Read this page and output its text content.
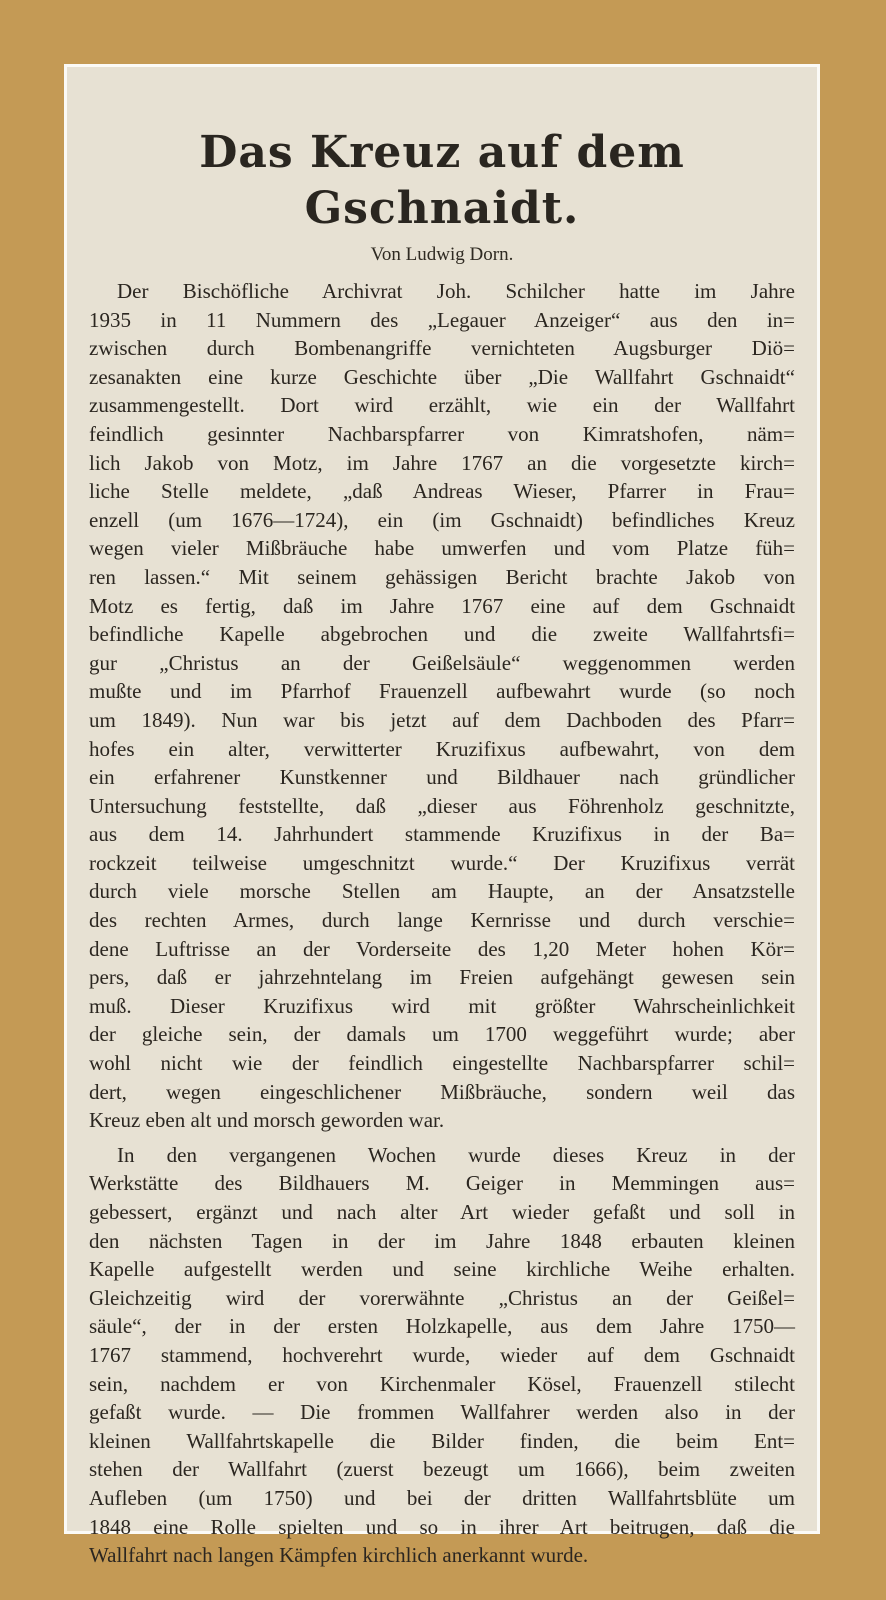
Das Kreuz auf dem Gschnaidt.
Von Ludwig Dorn.

Der Bischöfliche Archivrat Joh. Schilcher hatte im Jahre
1935 in 11 Nummern des „Legauer Anzeiger“ aus den in=
zwischen durch Bombenangriffe vernichteten Augsburger Diö=
zesanakten eine kurze Geschichte über „Die Wallfahrt Gschnaidt“
zusammengestellt. Dort wird erzählt, wie ein der Wallfahrt
feindlich gesinnter Nachbarspfarrer von Kimratshofen, näm=
lich Jakob von Motz, im Jahre 1767 an die vorgesetzte kirch=
liche Stelle meldete, „daß Andreas Wieser, Pfarrer in Frau=
enzell (um 1676—1724), ein (im Gschnaidt) befindliches Kreuz
wegen vieler Mißbräuche habe umwerfen und vom Platze füh=
ren lassen.“ Mit seinem gehässigen Bericht brachte Jakob von
Motz es fertig, daß im Jahre 1767 eine auf dem Gschnaidt
befindliche Kapelle abgebrochen und die zweite Wallfahrtsfi=
gur „Christus an der Geißelsäule“ weggenommen werden
mußte und im Pfarrhof Frauenzell aufbewahrt wurde (so noch
um 1849). Nun war bis jetzt auf dem Dachboden des Pfarr=
hofes ein alter, verwitterter Kruzifixus aufbewahrt, von dem
ein erfahrener Kunstkenner und Bildhauer nach gründlicher
Untersuchung feststellte, daß „dieser aus Föhrenholz geschnitzte,
aus dem 14. Jahrhundert stammende Kruzifixus in der Ba=
rockzeit teilweise umgeschnitzt wurde.“ Der Kruzifixus verrät
durch viele morsche Stellen am Haupte, an der Ansatzstelle
des rechten Armes, durch lange Kernrisse und durch verschie=
dene Luftrisse an der Vorderseite des 1,20 Meter hohen Kör=
pers, daß er jahrzehntelang im Freien aufgehängt gewesen sein
muß. Dieser Kruzifixus wird mit größter Wahrscheinlichkeit
der gleiche sein, der damals um 1700 weggeführt wurde; aber
wohl nicht wie der feindlich eingestellte Nachbarspfarrer schil=
dert, wegen eingeschlichener Mißbräuche, sondern weil das
Kreuz eben alt und morsch geworden war.

In den vergangenen Wochen wurde dieses Kreuz in der
Werkstätte des Bildhauers M. Geiger in Memmingen aus=
gebessert, ergänzt und nach alter Art wieder gefaßt und soll in
den nächsten Tagen in der im Jahre 1848 erbauten kleinen
Kapelle aufgestellt werden und seine kirchliche Weihe erhalten.
Gleichzeitig wird der vorerwähnte „Christus an der Geißel=
säule“, der in der ersten Holzkapelle, aus dem Jahre 1750—
1767 stammend, hochverehrt wurde, wieder auf dem Gschnaidt
sein, nachdem er von Kirchenmaler Kösel, Frauenzell stilecht
gefaßt wurde. — Die frommen Wallfahrer werden also in der
kleinen Wallfahrtskapelle die Bilder finden, die beim Ent=
stehen der Wallfahrt (zuerst bezeugt um 1666), beim zweiten
Aufleben (um 1750) und bei der dritten Wallfahrtsblüte um
1848 eine Rolle spielten und so in ihrer Art beitrugen, daß die
Wallfahrt nach langen Kämpfen kirchlich anerkannt wurde.
